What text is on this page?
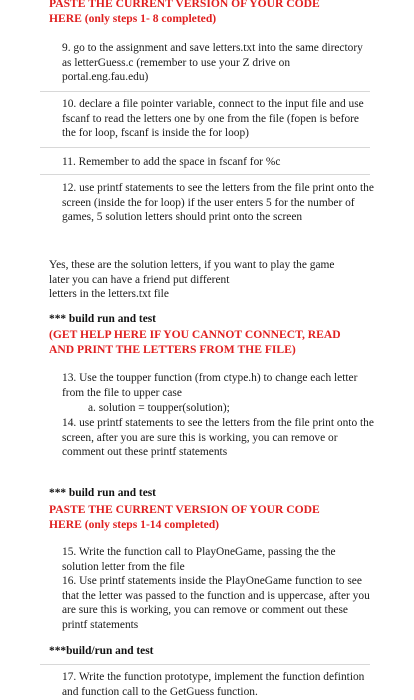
PASTE THE CURRENT VERSION OF YOUR CODE
HERE (only steps 1- 8 completed)
9. go to the assignment and save letters.txt into the same directory as letterGuess.c (remember to use your Z drive on portal.eng.fau.edu)
10. declare a file pointer variable, connect to the input file and use fscanf to read the letters one by one from the file (fopen is before the for loop, fscanf is inside the for loop)
11. Remember to add the space in fscanf for %c
12. use printf statements to see the letters from the file print onto the screen (inside the for loop) if the user enters 5 for the number of games, 5 solution letters should print onto the screen
Yes, these are the solution letters, if you want to play the game
later you can have a friend put different
letters in the letters.txt file
*** build run and test
(GET HELP HERE IF YOU CANNOT CONNECT, READ
AND PRINT THE LETTERS FROM THE FILE)
13. Use the toupper function (from ctype.h) to change each letter from the file to upper case
a. solution = toupper(solution);
14. use printf statements to see the letters from the file print onto the screen, after you are sure this is working, you can remove or comment out these printf statements
*** build run and test
PASTE THE CURRENT VERSION OF YOUR CODE
HERE (only steps 1-14 completed)
15. Write the function call to PlayOneGame, passing the the solution letter from the file
16. Use printf statements inside the PlayOneGame function to see that the letter was passed to the function and is uppercase, after you are sure this is working, you can remove or comment out these printf statements
***build/run and test
17. Write the function prototype, implement the function defintion and function call to the GetGuess function.
